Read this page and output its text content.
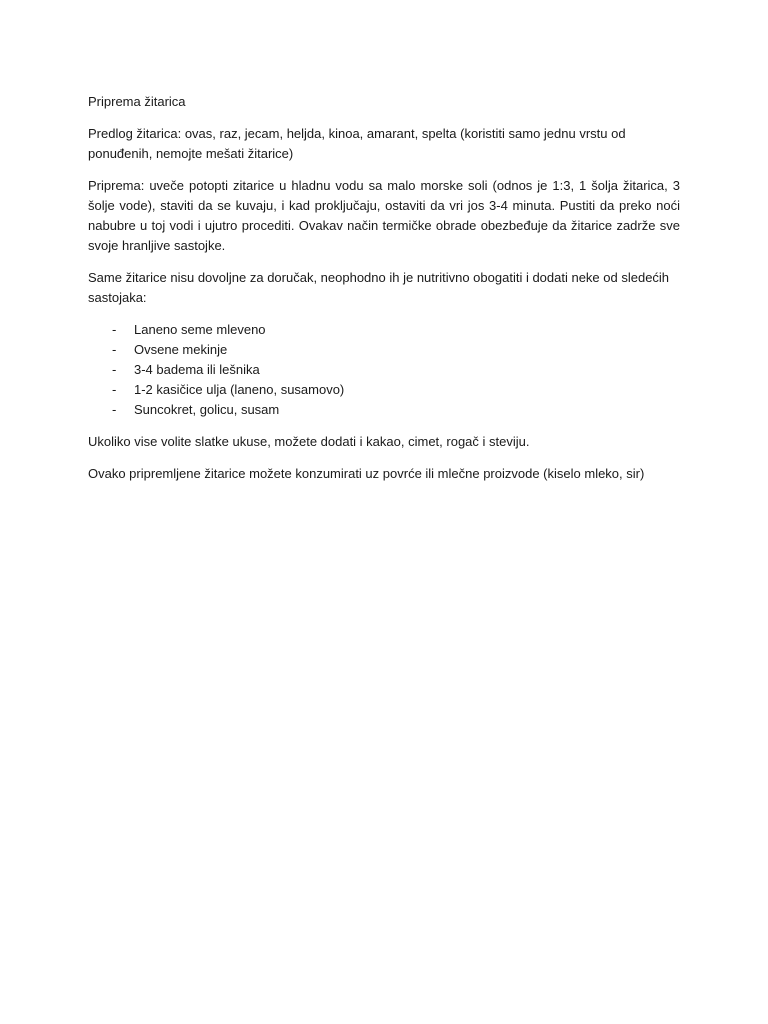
Priprema žitarica

Predlog žitarica: ovas, raz, jecam, heljda, kinoa, amarant, spelta (koristiti samo jednu vrstu od ponuđenih, nemojte mešati žitarice)

Priprema: uveče potopti zitarice u hladnu vodu sa malo morske soli (odnos je 1:3, 1 šolja žitarica, 3 šolje vode), staviti da se kuvaju, i kad proključaju, ostaviti da vri jos 3-4 minuta. Pustiti da preko noći nabubre u toj vodi i ujutro procediti. Ovakav način termičke obrade obezbeđuje da žitarice zadrže sve svoje hranljive sastojke.

Same žitarice nisu dovoljne za doručak, neophodno ih je nutritivno obogatiti i dodati neke od sledećih sastojaka:

- Laneno seme mleveno
- Ovsene mekinje
- 3-4 badema ili lešnika
- 1-2 kasičice ulja (laneno, susamovo)
- Suncokret, golicu, susam

Ukoliko vise volite slatke ukuse, možete dodati i kakao, cimet, rogač i steviju.

Ovako pripremljene žitarice možete konzumirati uz povrće ili mlečne proizvode (kiselo mleko, sir)
